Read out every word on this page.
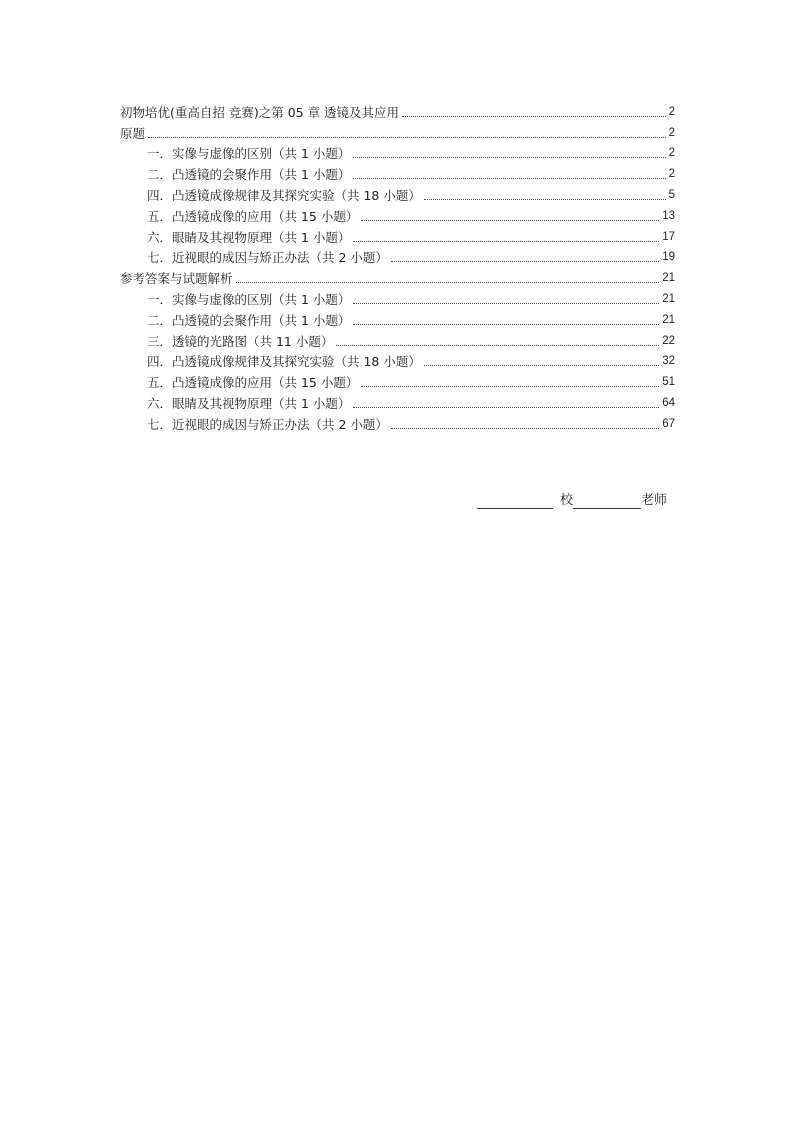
初物培优(重高自招 竞赛)之第 05 章 透镜及其应用	2
原题	2
一．实像与虚像的区别（共 1 小题）	2
二．凸透镜的会聚作用（共 1 小题）	2
四．凸透镜成像规律及其探究实验（共 18 小题）	5
五．凸透镜成像的应用（共 15 小题）	13
六．眼睛及其视物原理（共 1 小题）	17
七．近视眼的成因与矫正办法（共 2 小题）	19
参考答案与试题解析	21
一．实像与虚像的区别（共 1 小题）	21
二．凸透镜的会聚作用（共 1 小题）	21
三．透镜的光路图（共 11 小题）	22
四．凸透镜成像规律及其探究实验（共 18 小题）	32
五．凸透镜成像的应用（共 15 小题）	51
六．眼睛及其视物原理（共 1 小题）	64
七．近视眼的成因与矫正办法（共 2 小题）	67
校	老师
